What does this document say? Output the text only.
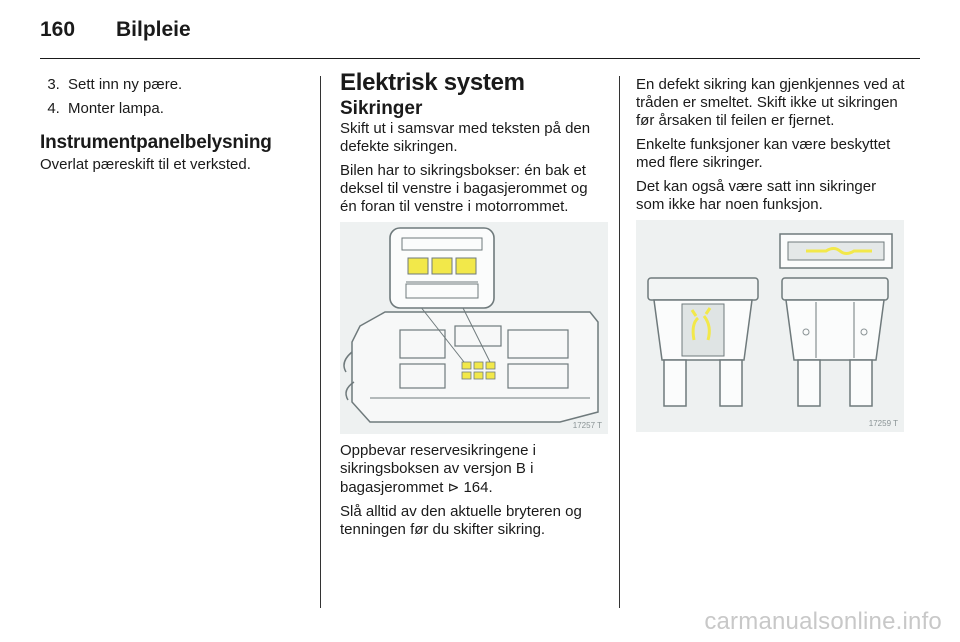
160 Bilpleie
3. Sett inn ny pære.
4. Monter lampa.
Instrumentpanelbelysning

Overlat pæreskift til et verksted.

Elektrisk system
Sikringer

Skift ut i samsvar med teksten på den defekte sikringen.

Bilen har to sikringsbokser: én bak et deksel til venstre i bagasjerommet og én foran til venstre i motorrommet.

17257 T

Oppbevar reservesikringene i sikringsboksen av versjon B i bagasjerommet ⊳ 164.

Slå alltid av den aktuelle bryteren og tenningen før du skifter sikring.

En defekt sikring kan gjenkjennes ved at tråden er smeltet. Skift ikke ut sikringen før årsaken til feilen er fjernet.

Enkelte funksjoner kan være beskyttet med flere sikringer.

Det kan også være satt inn sikringer som ikke har noen funksjon.

17259 T
carmanualsonline.info
